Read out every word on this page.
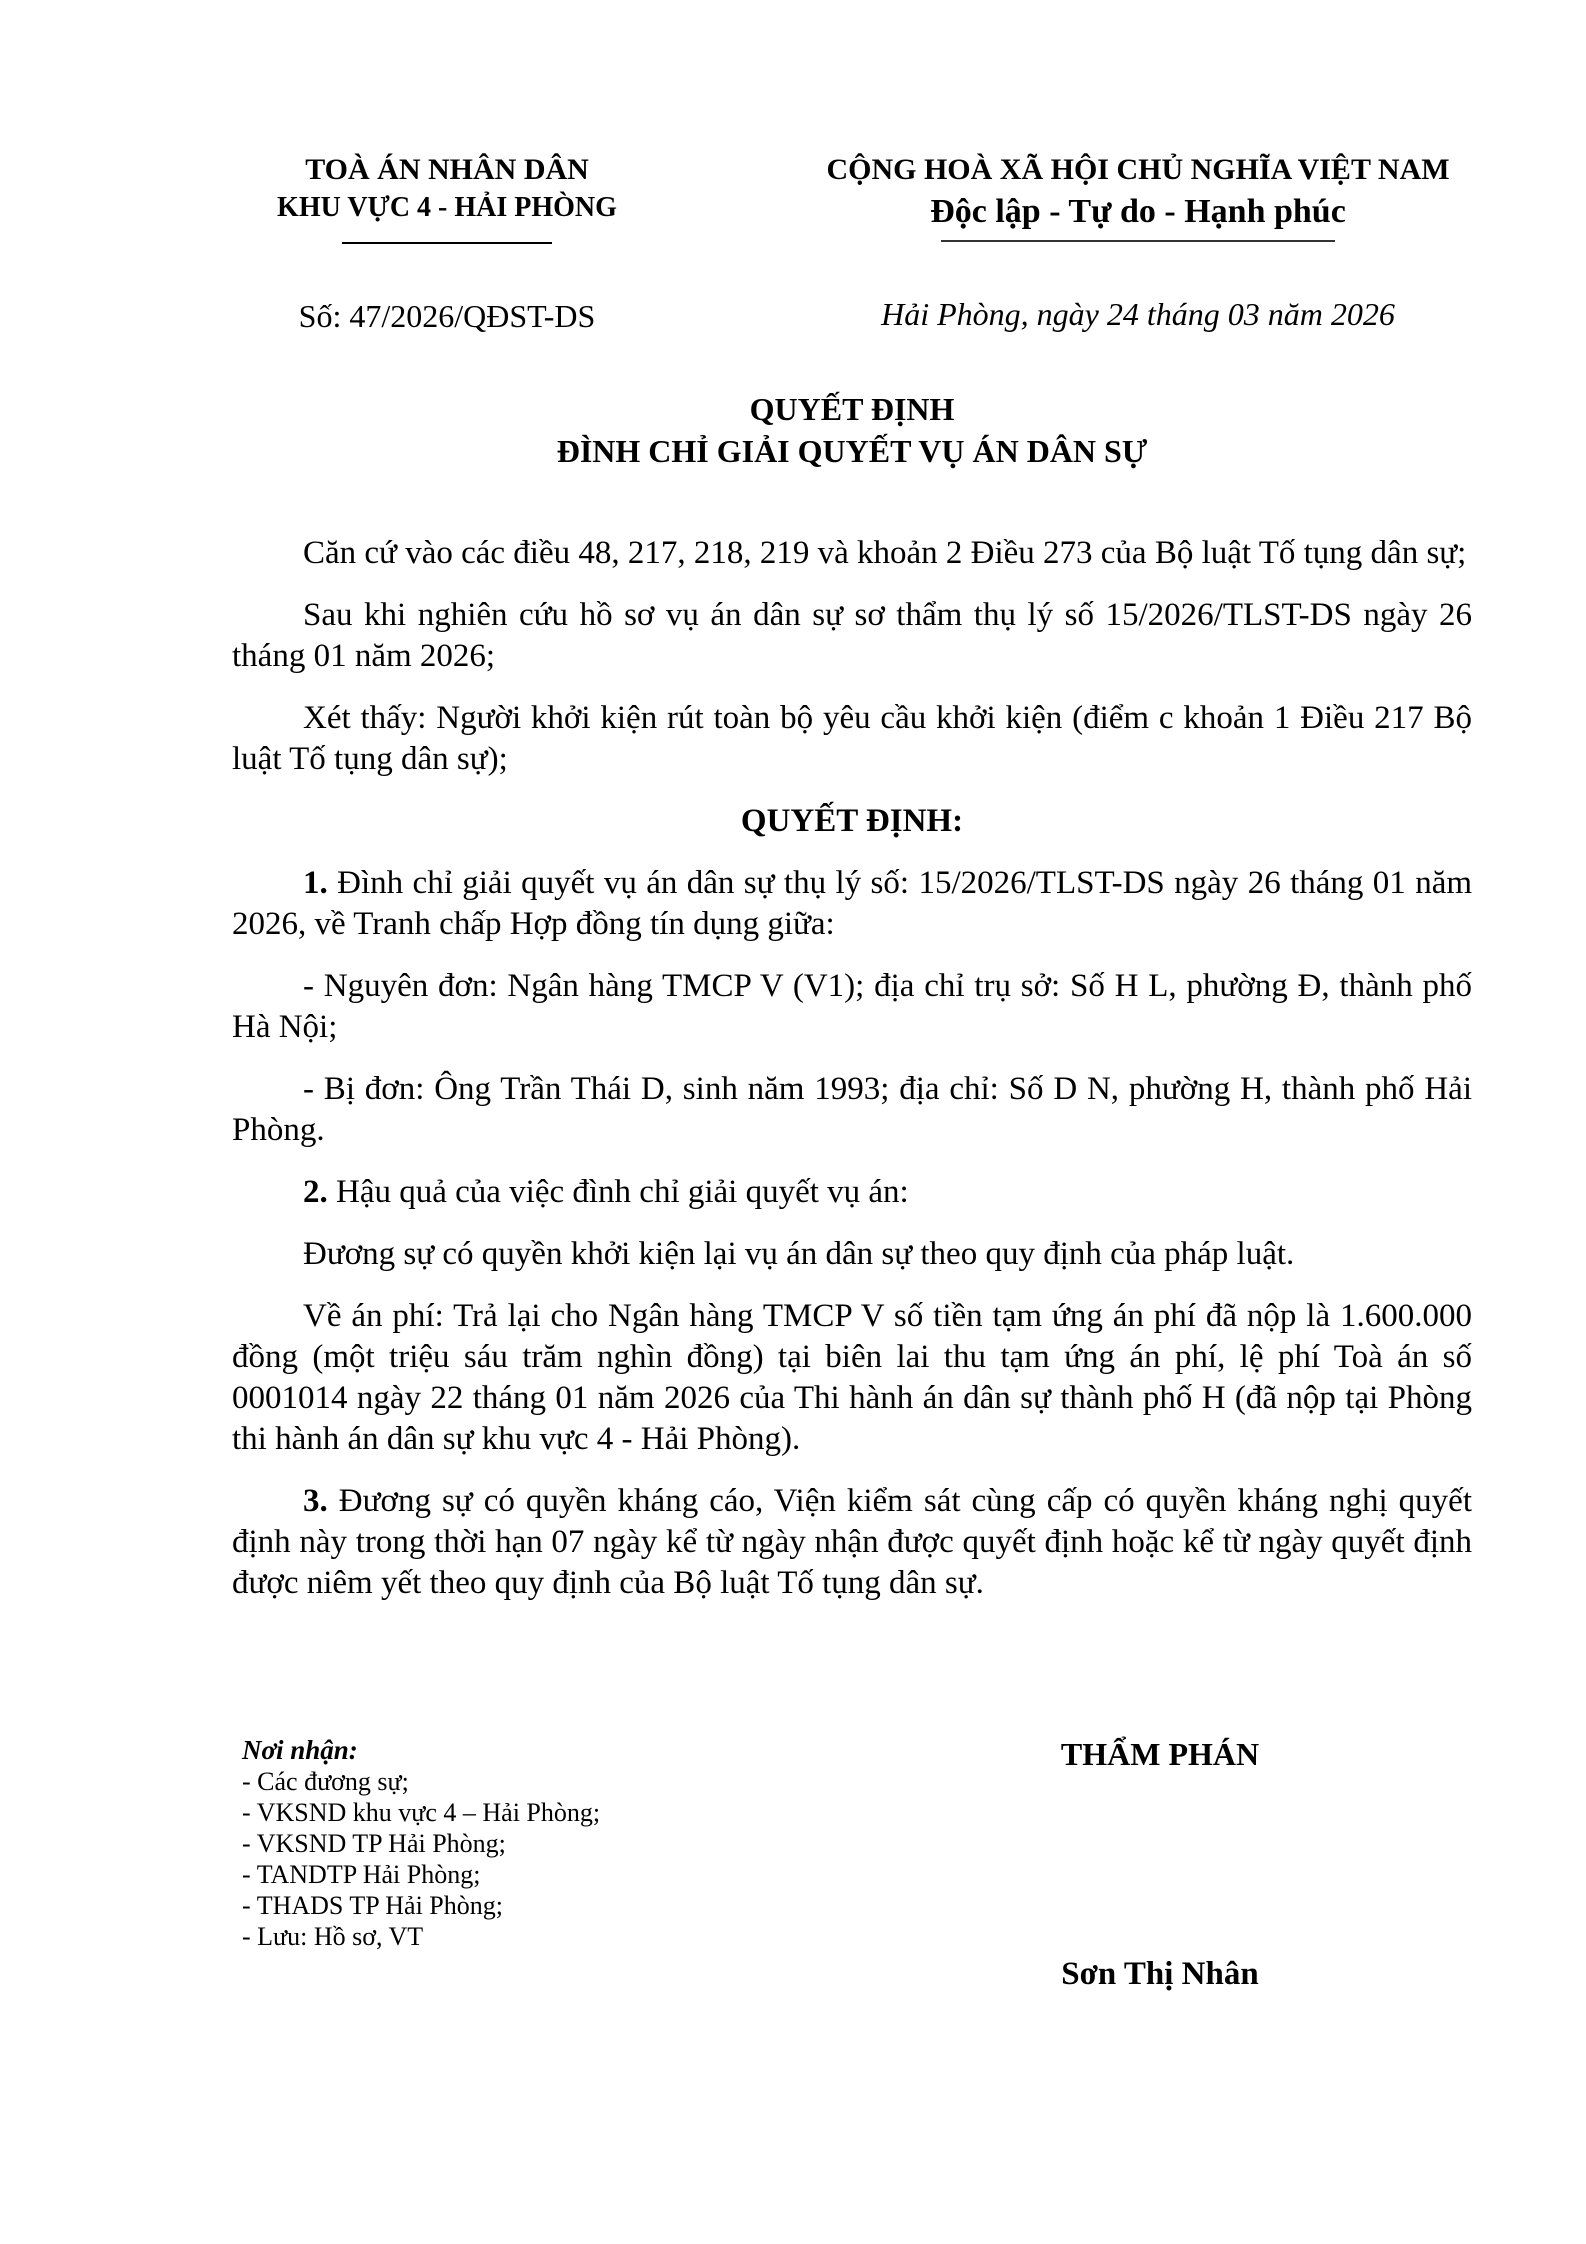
TOÀ ÁN NHÂN DÂN
KHU VỰC 4 - HẢI PHÒNG
Số: 47/2026/QĐST-DS
CỘNG HOÀ XÃ HỘI CHỦ NGHĨA VIỆT NAM
Độc lập - Tự do - Hạnh phúc
Hải Phòng, ngày 24 tháng 03 năm 2026
QUYẾT ĐỊNH
ĐÌNH CHỈ GIẢI QUYẾT VỤ ÁN DÂN SỰ

Căn cứ vào các điều 48, 217, 218, 219 và khoản 2 Điều 273 của Bộ luật Tố tụng dân sự;

Sau khi nghiên cứu hồ sơ vụ án dân sự sơ thẩm thụ lý số 15/2026/TLST-DS ngày 26 tháng 01 năm 2026;

Xét thấy: Người khởi kiện rút toàn bộ yêu cầu khởi kiện (điểm c khoản 1 Điều 217 Bộ luật Tố tụng dân sự);

QUYẾT ĐỊNH:

1. Đình chỉ giải quyết vụ án dân sự thụ lý số: 15/2026/TLST-DS ngày 26 tháng 01 năm 2026, về Tranh chấp Hợp đồng tín dụng giữa:

- Nguyên đơn: Ngân hàng TMCP V (V1); địa chỉ trụ sở: Số H L, phường Đ, thành phố Hà Nội;

- Bị đơn: Ông Trần Thái D, sinh năm 1993; địa chỉ: Số D N, phường H, thành phố Hải Phòng.

2. Hậu quả của việc đình chỉ giải quyết vụ án:

Đương sự có quyền khởi kiện lại vụ án dân sự theo quy định của pháp luật.

Về án phí: Trả lại cho Ngân hàng TMCP V số tiền tạm ứng án phí đã nộp là 1.600.000 đồng (một triệu sáu trăm nghìn đồng) tại biên lai thu tạm ứng án phí, lệ phí Toà án số 0001014 ngày 22 tháng 01 năm 2026 của Thi hành án dân sự thành phố H (đã nộp tại Phòng thi hành án dân sự khu vực 4 - Hải Phòng).

3. Đương sự có quyền kháng cáo, Viện kiểm sát cùng cấp có quyền kháng nghị quyết định này trong thời hạn 07 ngày kể từ ngày nhận được quyết định hoặc kể từ ngày quyết định được niêm yết theo quy định của Bộ luật Tố tụng dân sự.

Nơi nhận:
- Các đương sự;
- VKSND khu vực 4 – Hải Phòng;
- VKSND TP Hải Phòng;
- TANDTP Hải Phòng;
- THADS TP Hải Phòng;
- Lưu: Hồ sơ, VT
THẨM PHÁN
Sơn Thị Nhân
